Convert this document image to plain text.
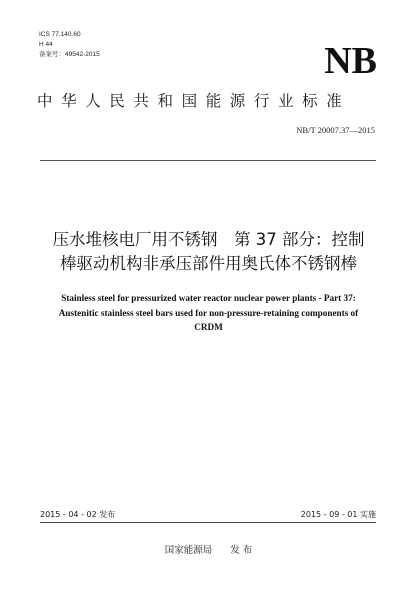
ICS 77.140.60
H 44
备案号：49542-2015	NB
中华人民共和国能源行业标准
NB/T 20007.37—2015
压水堆核电厂用不锈钢　第 37 部分：控制
棒驱动机构非承压部件用奥氏体不锈钢棒
Stainless steel for pressurized water reactor nuclear power plants - Part 37:
Austenitic stainless steel bars used for non-pressure-retaining components of
CRDM
2015 - 04 - 02 发布	2015 - 09 - 01 实施
国家能源局 发 布
